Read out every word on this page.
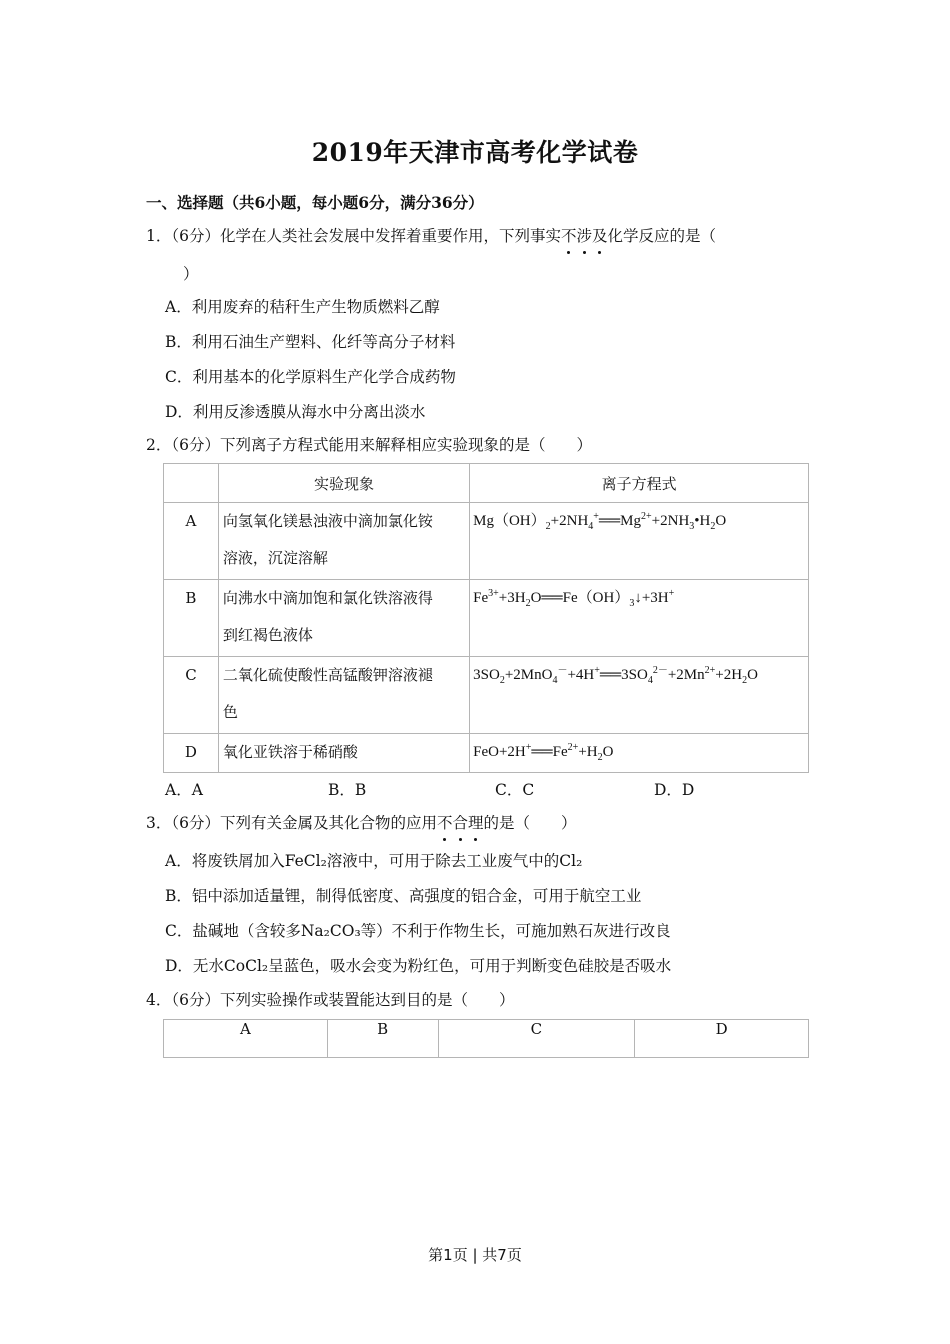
2019年天津市高考化学试卷
一、选择题（共6小题，每小题6分，满分36分）
1．（6分）化学在人类社会发展中发挥着重要作用，下列事实不涉及化学反应的是（
）
A．利用废弃的秸秆生产生物质燃料乙醇
B．利用石油生产塑料、化纤等高分子材料
C．利用基本的化学原料生产化学合成药物
D．利用反渗透膜从海水中分离出淡水
2．（6分）下列离子方程式能用来解释相应实验现象的是（　　）
	实验现象	离子方程式

A	向氢氧化镁悬浊液中滴加氯化铵
溶液，沉淀溶解	$Mg(OH)_2+2NH_4^+══Mg^{2+}+2NH_3•H_2O$

B	向沸水中滴加饱和氯化铁溶液得
到红褐色液体	$Fe^{3+}+3H_2O══Fe(OH)_3↓+3H^+$

C	二氧化硫使酸性高锰酸钾溶液褪
色	$3SO_2+2MnO_4^-+4H^+══3SO_4^{2-}+2Mn^{2+}+2H_2O$

D	氧化亚铁溶于稀硝酸	$FeO+2H^+══Fe^{2+}+H_2O$
A．A	B．B	C．C	D．D
3．（6分）下列有关金属及其化合物的应用不合理的是（　　）
A．将废铁屑加入FeCl₂溶液中，可用于除去工业废气中的Cl₂
B．铝中添加适量锂，制得低密度、高强度的铝合金，可用于航空工业
C．盐碱地（含较多Na₂CO₃等）不利于作物生长，可施加熟石灰进行改良
D．无水CoCl₂呈蓝色，吸水会变为粉红色，可用于判断变色硅胶是否吸水
4．（6分）下列实验操作或装置能达到目的是（　　）
A	B	C	D
第1页 | 共7页
